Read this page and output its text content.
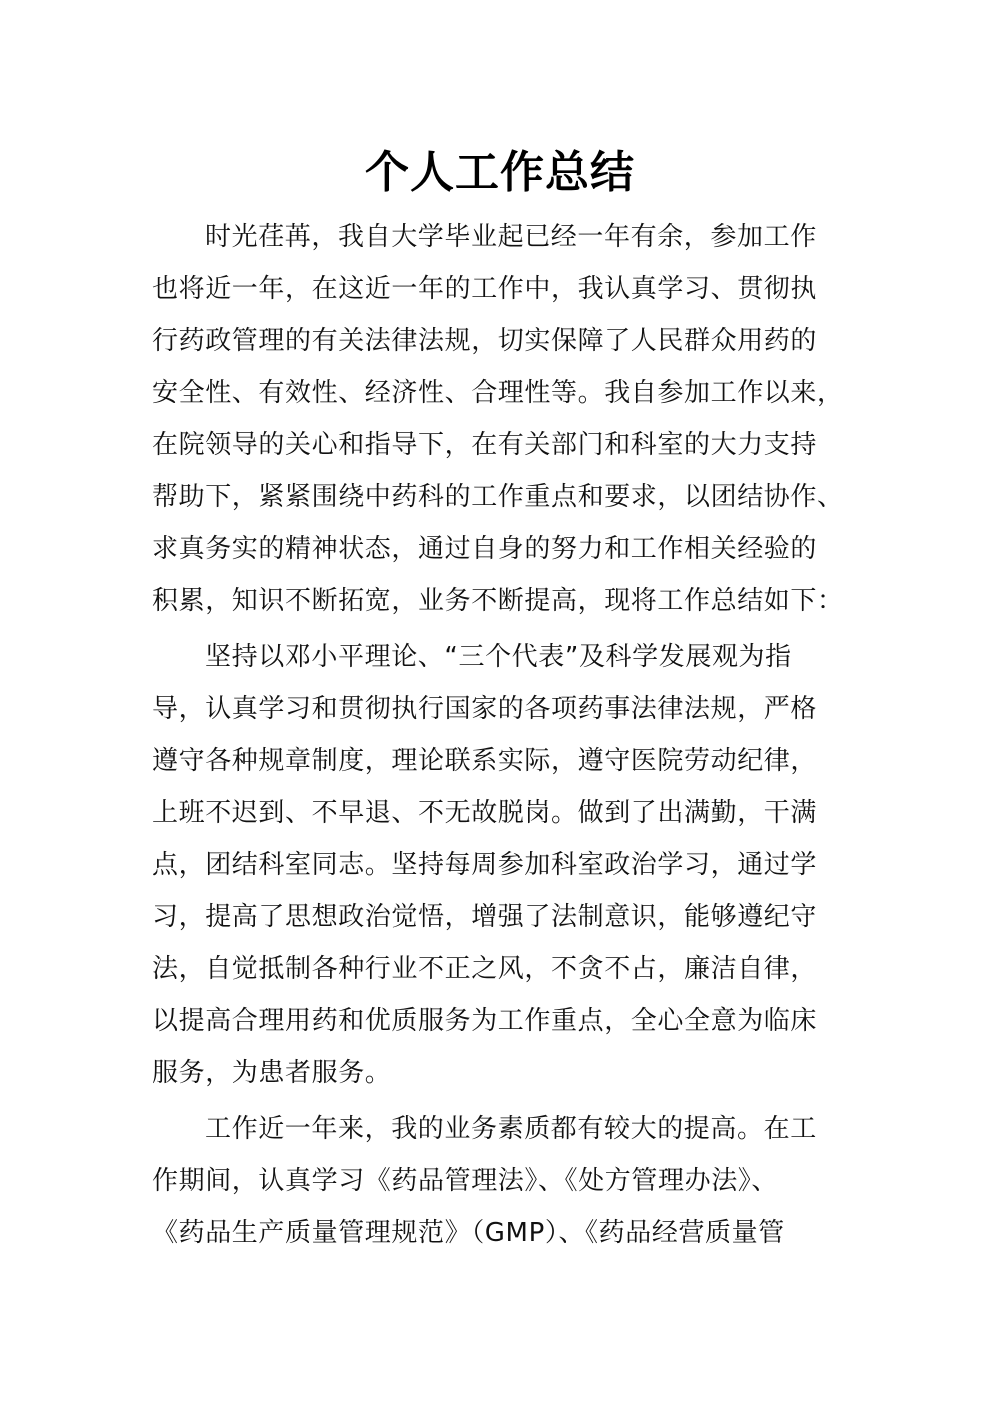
个人工作总结
时光荏苒，我自大学毕业起已经一年有余，参加工作
也将近一年，在这近一年的工作中，我认真学习、贯彻执
行药政管理的有关法律法规，切实保障了人民群众用药的
安全性、有效性、经济性、合理性等。我自参加工作以来，
在院领导的关心和指导下，在有关部门和科室的大力支持
帮助下，紧紧围绕中药科的工作重点和要求，以团结协作、
求真务实的精神状态，通过自身的努力和工作相关经验的
积累，知识不断拓宽，业务不断提高，现将工作总结如下：
坚持以邓小平理论、“三个代表”及科学发展观为指
导，认真学习和贯彻执行国家的各项药事法律法规，严格
遵守各种规章制度，理论联系实际，遵守医院劳动纪律，
上班不迟到、不早退、不无故脱岗。做到了出满勤，干满
点，团结科室同志。坚持每周参加科室政治学习，通过学
习，提高了思想政治觉悟，增强了法制意识，能够遵纪守
法，自觉抵制各种行业不正之风，不贪不占，廉洁自律，
以提高合理用药和优质服务为工作重点，全心全意为临床
服务，为患者服务。
工作近一年来，我的业务素质都有较大的提高。在工
作期间，认真学习《药品管理法》、《处方管理办法》、
《药品生产质量管理规范》（GMP）、《药品经营质量管
